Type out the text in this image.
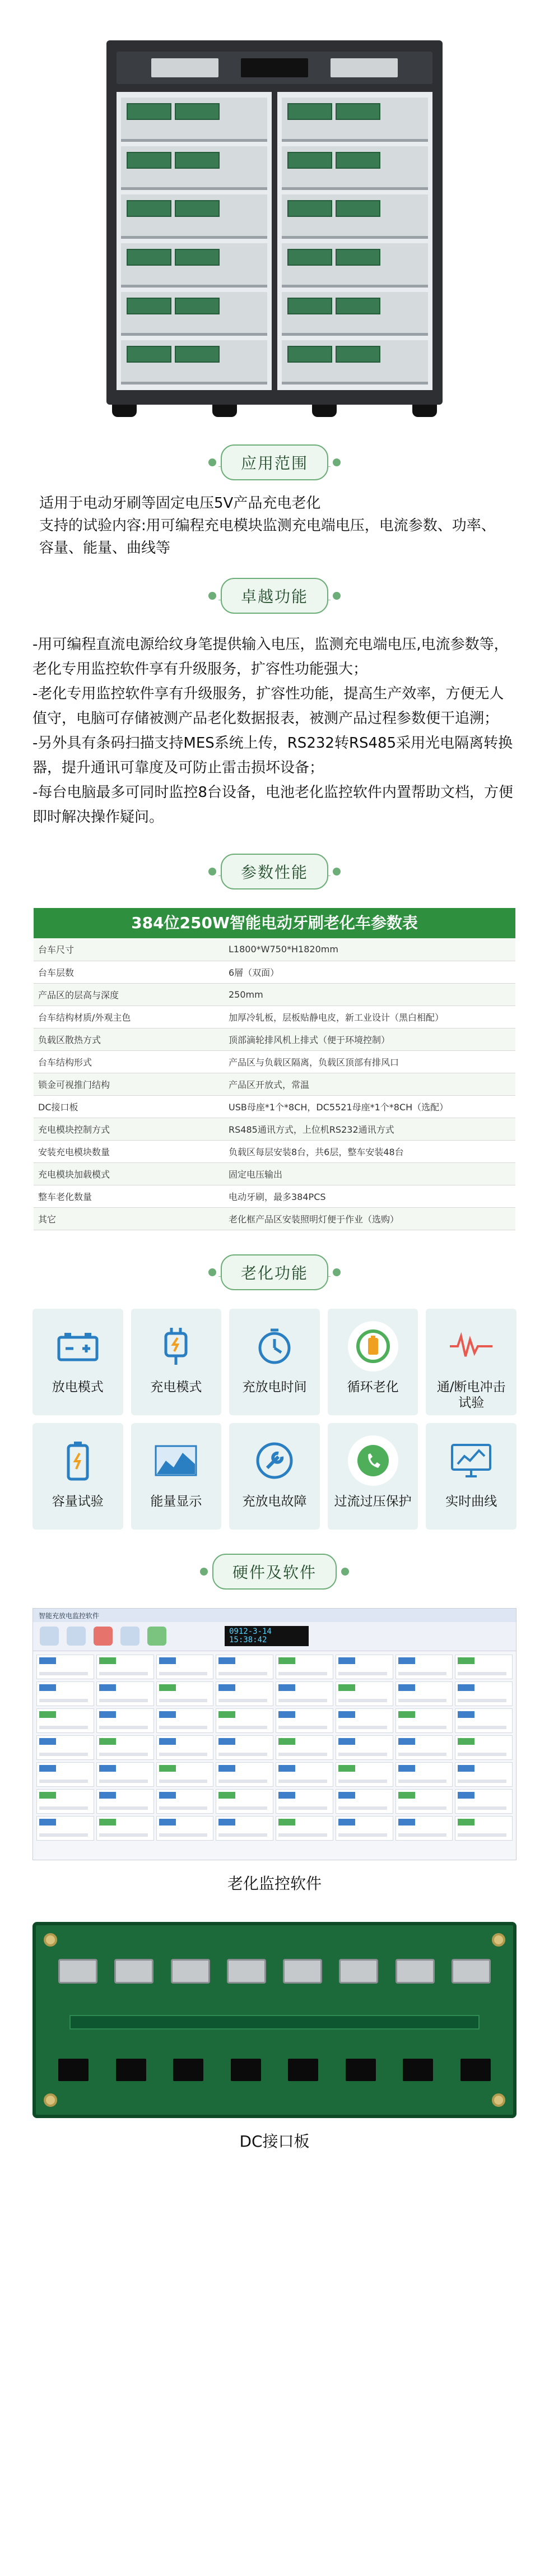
应用范围

适用于电动牙刷等固定电压5V产品充电老化

支持的试验内容:用可编程充电模块监测充电端电压，电流参数、功率、容量、能量、曲线等

卓越功能

-用可编程直流电源给纹身笔提供输入电压，监测充电端电压,电流参数等，老化专用监控软件享有升级服务，扩容性功能强大；

-老化专用监控软件享有升级服务，扩容性功能，提高生产效率，方便无人值守，电脑可存储被测产品老化数据报表，被测产品过程参数便干追溯；

-另外具有条码扫描支持MES系统上传，RS232转RS485采用光电隔离转换器，提升通讯可靠度及可防止雷击损坏设备；

-每台电脑最多可同时监控8台设备，电池老化监控软件内置帮助文档，方便即时解决操作疑问。

参数性能
384位250W智能电动牙刷老化车参数表
台车尺寸	L1800*W750*H1820mm
台车层数	6層（双面）
产品区的层高与深度	250mm
台车结构材质/外观主色	加厚冷轧板，层板贴静电皮，新工业设计（黑白相配）
负载区散热方式	顶部滴轮排风机上排式（便于环境控制）
台车结构形式	产品区与负载区隔离，负载区顶部有排风口
锁金可视推门结构	产品区开放式，常温
DC接口板	USB母座*1个*8CH，DC5521母座*1个*8CH（选配）
充电模块控制方式	RS485通讯方式，上位机RS232通讯方式
安装充电模块数量	负载区每层安装8台，共6层，整车安装48台
充电模块加载模式	固定电压输出
整车老化数量	电动牙刷，最多384PCS
其它	老化框产品区安装照明灯便于作业（选购）
老化功能
放电模式	充电模式	充放电时间	循环老化	通/断电冲击
试验
容量试验	能量显示	充放电故障 过流过压保护	实时曲线
硬件及软件
智能充放电监控软件
0912-3-14
15:38:42
老化监控软件
DC接口板
